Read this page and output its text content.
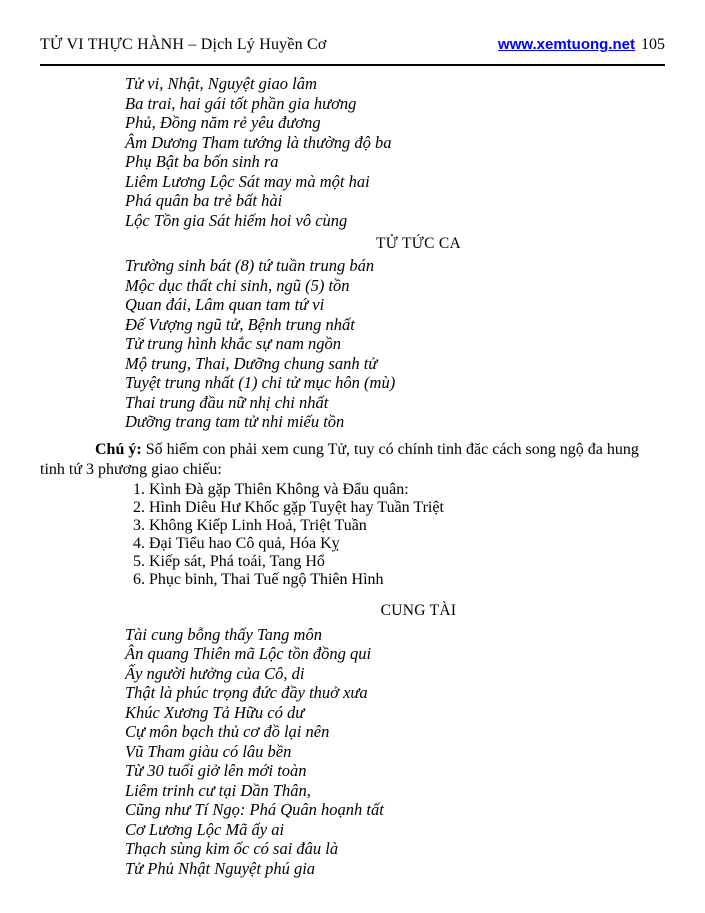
TỬ VI THỰC HÀNH – Dịch Lý Huyền Cơ	www.xemtuong.net 105
Tử vi, Nhật, Nguyệt giao lâm
Ba trai, hai gái tốt phần gia hương
Phủ, Đồng năm rẻ yêu đương
Âm Dương Tham tướng là thường độ ba
Phụ Bật ba bốn sinh ra
Liêm Lương Lộc Sát may mà một hai
Phá quân ba trẻ bất hài
Lộc Tồn gia Sát hiếm hoi vô cùng
TỬ TỨC CA
Trường sinh bát (8) tứ tuần trung bán
Mộc dục thất chi sinh, ngũ (5) tồn
Quan đái, Lâm quan tam tứ vi
Đế Vượng ngũ tử, Bệnh trung nhất
Tử trung hình khắc sự nam ngồn
Mộ trung, Thai, Dưỡng chung sanh tử
Tuyệt trung nhất (1) chi tử mục hôn (mù)
Thai trung đầu nữ nhị chi nhất
Dưỡng trang tam tử nhi miếu tồn

Chú ý: Số hiếm con phải xem cung Tử, tuy có chính tinh đăc cách song ngộ đa hung tinh tứ 3 phương giao chiếu:

1. Kình Đà gặp Thiên Không và Đẩu quân:
2. Hình Diêu Hư Khốc gặp Tuyệt hay Tuần Triệt
3. Không Kiếp Linh Hoả, Triệt Tuần
4. Đại Tiểu hao Cô quả, Hóa Kỵ
5. Kiếp sát, Phá toái, Tang Hổ
6. Phục binh, Thai Tuế ngộ Thiên Hình
CUNG TÀI
Tài cung bỗng thấy Tang môn
Ân quang Thiên mã Lộc tồn đồng qui
Ấy người hưởng của Cô, di
Thật là phúc trọng đức đầy thuở xưa
Khúc Xương Tả Hữu có dư
Cự môn bạch thủ cơ đồ lại nên
Vũ Tham giàu có lâu bền
Từ 30 tuổi giở lên mới toàn
Liêm trinh cư tại Dần Thân,
Cũng như Tí Ngọ: Phá Quân hoạnh tất
Cơ Lương Lộc Mã ấy ai
Thạch sùng kim ốc có sai đâu là
Tử Phủ Nhật Nguyệt phú gia
